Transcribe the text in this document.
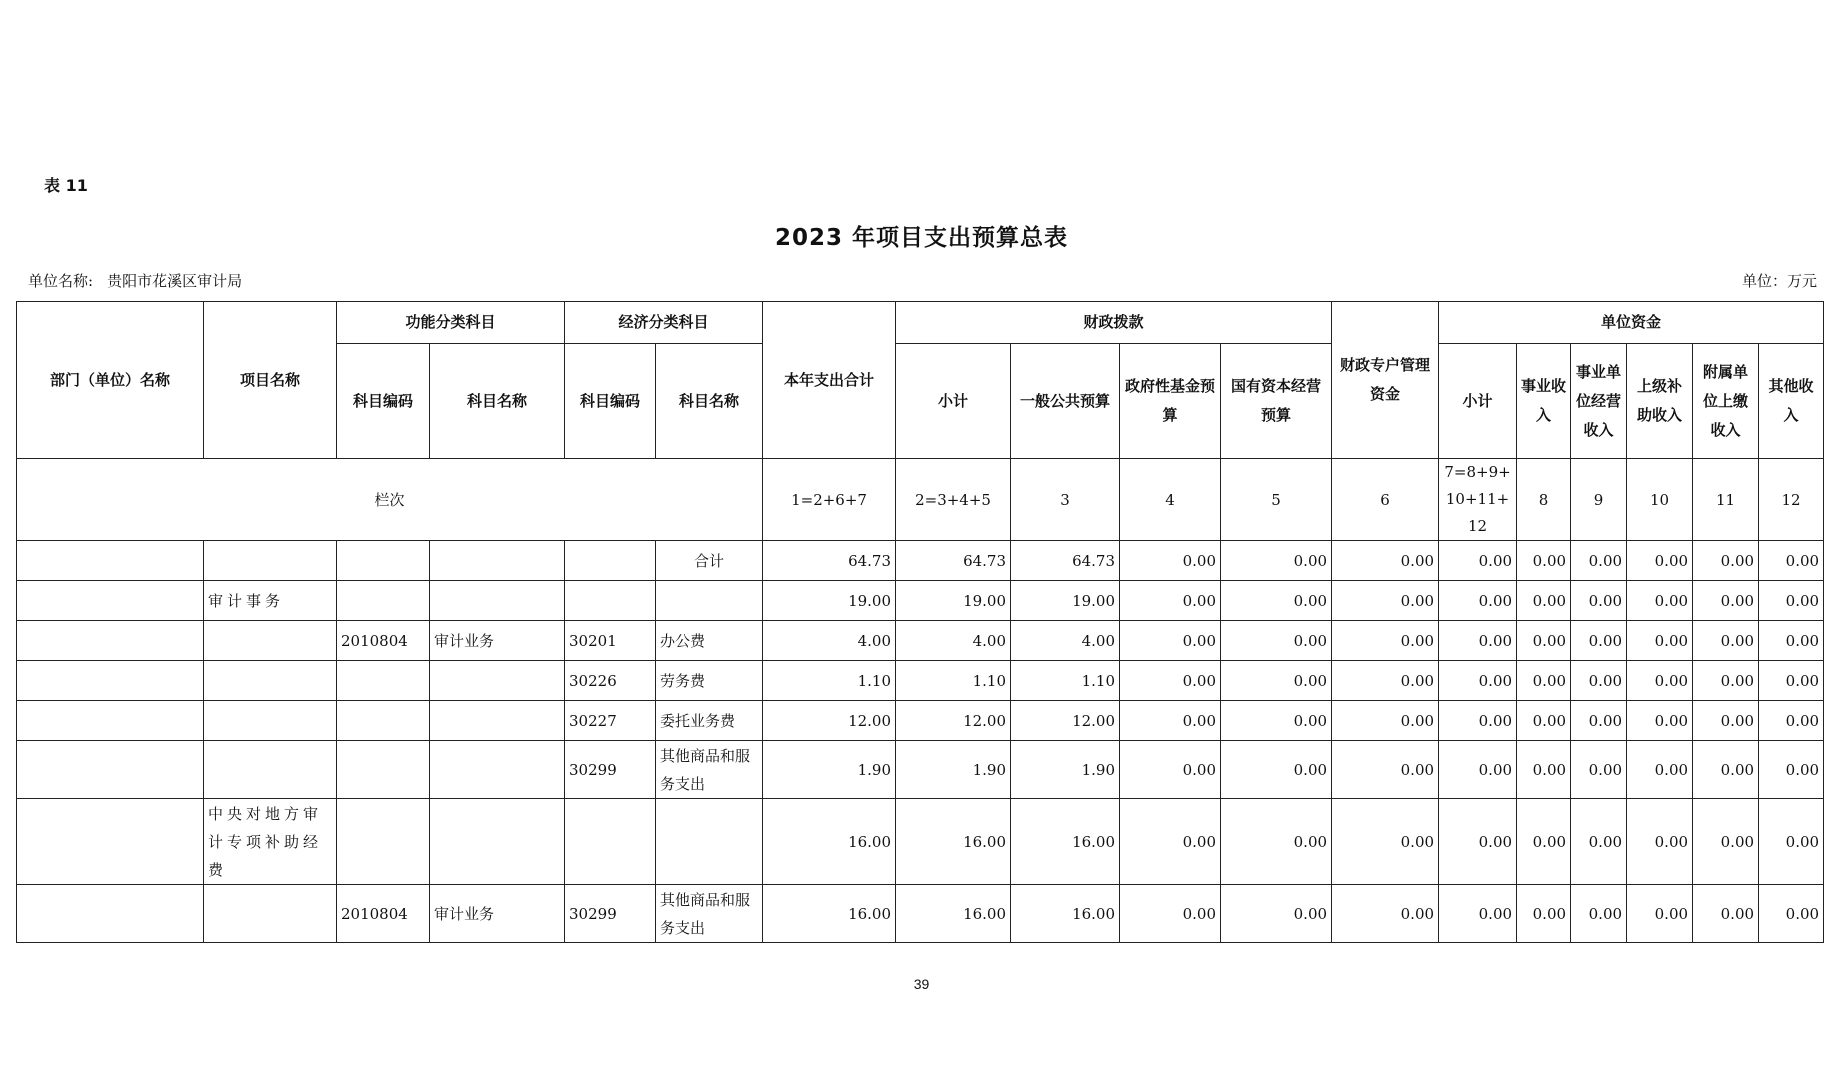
表 11
2023 年项目支出预算总表
单位名称: 贵阳市花溪区审计局	单位：万元
部门（单位）名称	项目名称	功能分类科目		经济分类科目		本年支出合计	财政拨款				财政专户管理资金	单位资金					
		科目编码	科目名称	科目编码	科目名称		小计	一般公共预算	政府性基金预算	国有资本经营预算		小计	事业收入	事业单位经营收入	上级补助收入	附属单位上缴收入	其他收入
栏次						1=2+6+7	2=3+4+5	3	4	5	6	7=8+9+10+11+12	8	9	10	11	12
					合计	64.73	64.73	64.73	0.00	0.00	0.00	0.00	0.00	0.00	0.00	0.00	0.00
	审计事务					19.00	19.00	19.00	0.00	0.00	0.00	0.00	0.00	0.00	0.00	0.00	0.00
		2010804	审计业务	30201	办公费	4.00	4.00	4.00	0.00	0.00	0.00	0.00	0.00	0.00	0.00	0.00	0.00
				30226	劳务费	1.10	1.10	1.10	0.00	0.00	0.00	0.00	0.00	0.00	0.00	0.00	0.00
				30227	委托业务费	12.00	12.00	12.00	0.00	0.00	0.00	0.00	0.00	0.00	0.00	0.00	0.00
				30299	其他商品和服务支出	1.90	1.90	1.90	0.00	0.00	0.00	0.00	0.00	0.00	0.00	0.00	0.00
	中央对地方审计专项补助经费					16.00	16.00	16.00	0.00	0.00	0.00	0.00	0.00	0.00	0.00	0.00	0.00
		2010804	审计业务	30299	其他商品和服务支出	16.00	16.00	16.00	0.00	0.00	0.00	0.00	0.00	0.00	0.00	0.00	0.00
39
